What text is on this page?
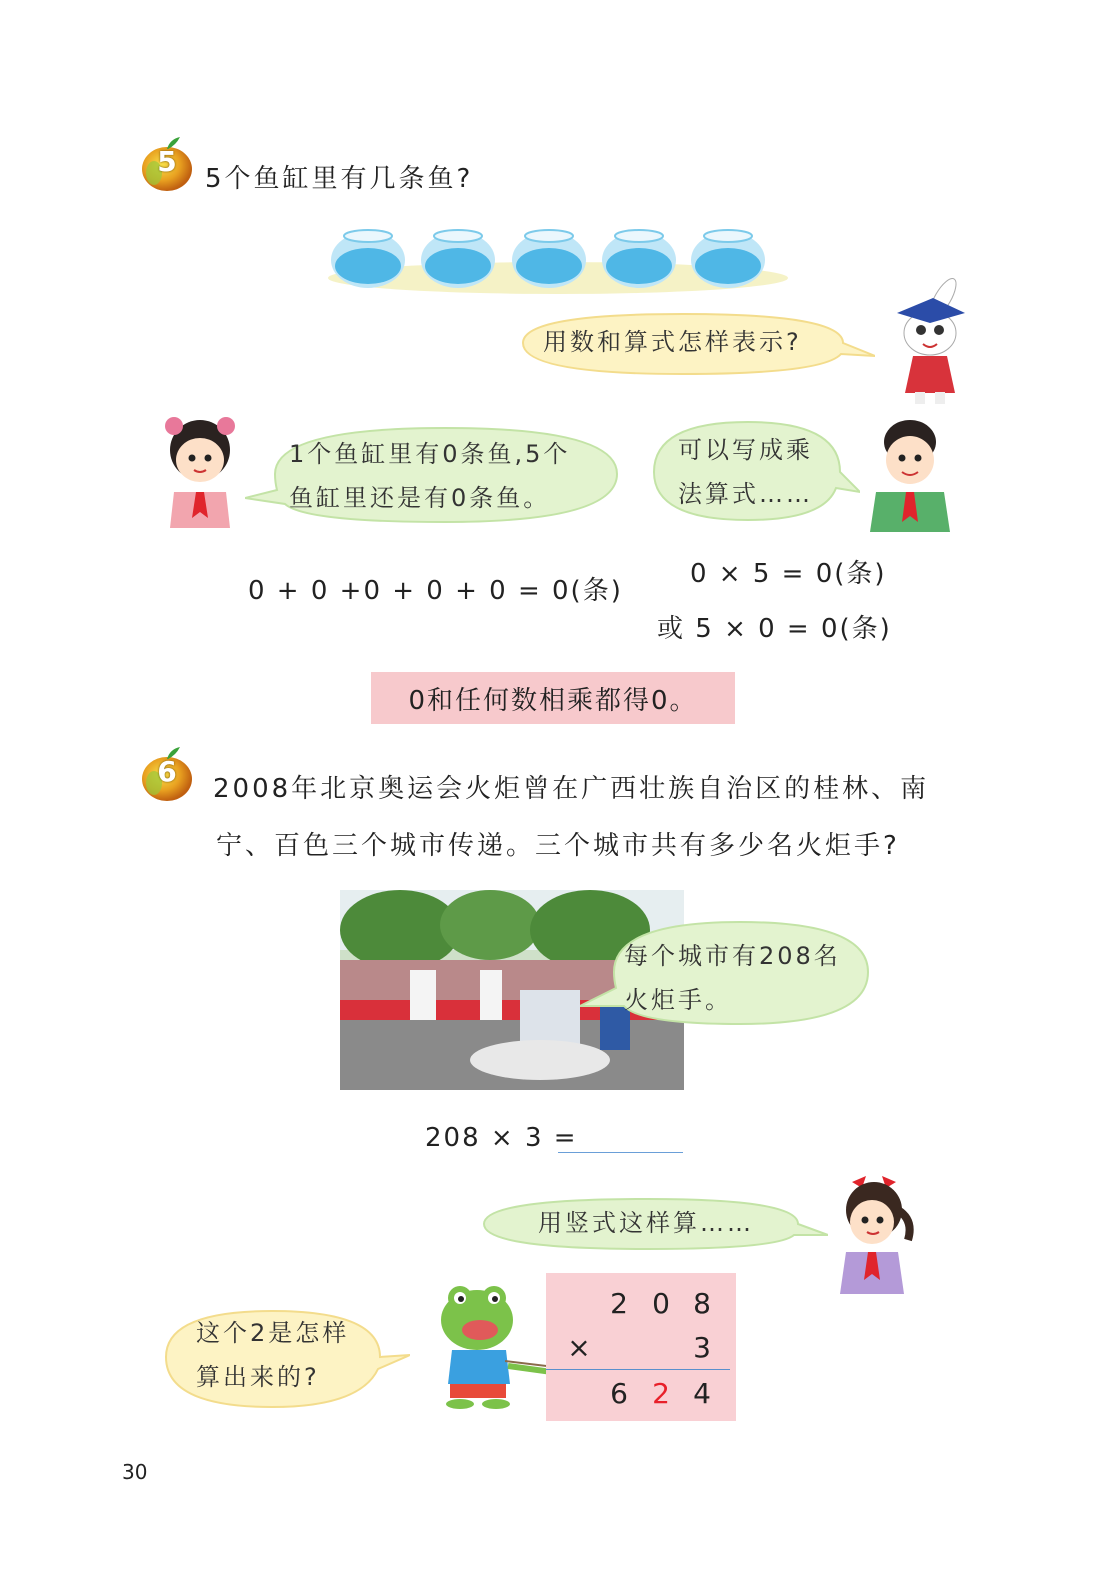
5
5个鱼缸里有几条鱼?
用数和算式怎样表示?
1个鱼缸里有0条鱼,5个
鱼缸里还是有0条鱼。
可以写成乘
法算式……
0 + 0 +0 + 0 + 0 = 0(条)
0 × 5 = 0(条)
或 5 × 0 = 0(条)
0和任何数相乘都得0。
6
2008年北京奥运会火炬曾在广西壮族自治区的桂林、南
宁、百色三个城市传递。三个城市共有多少名火炬手?
每个城市有208名
火炬手。
208 × 3 =
用竖式这样算……
这个2是怎样
算出来的?
2 0 8
×	3
6 2 4
30
